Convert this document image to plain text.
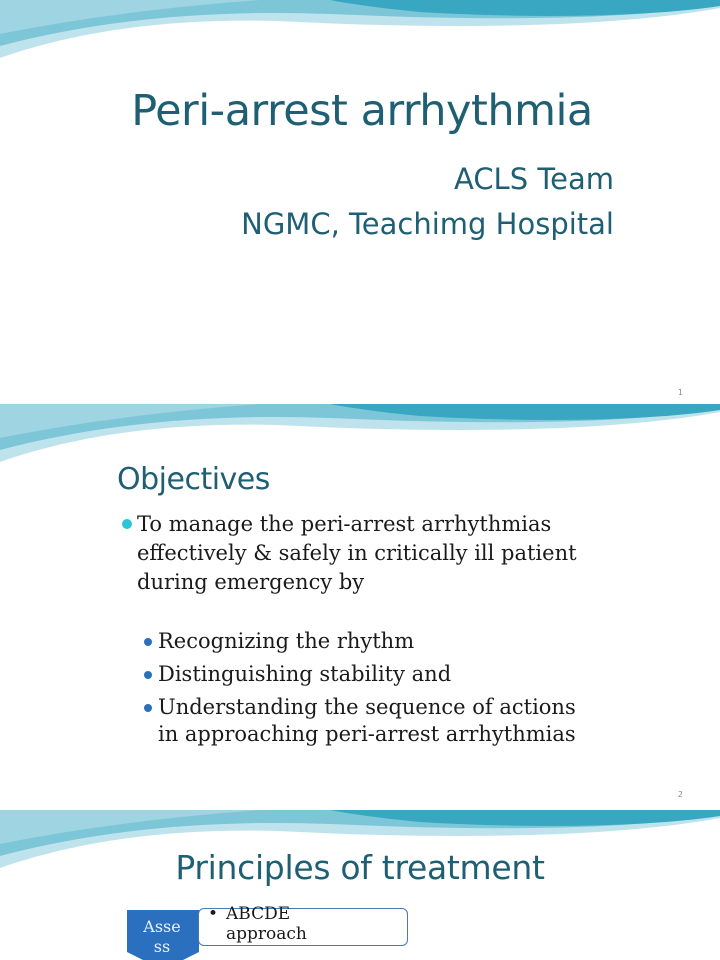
Peri-arrest arrhythmia
ACLS Team
NGMC, Teachimg Hospital
1
Objectives
To manage the peri-arrest arrhythmias effectively & safely in critically ill patient during emergency by
Recognizing the rhythm
Distinguishing stability and
Understanding the sequence of actions in approaching peri-arrest arrhythmias
2
Principles of treatment
Asse ss
• ABCDE approach
